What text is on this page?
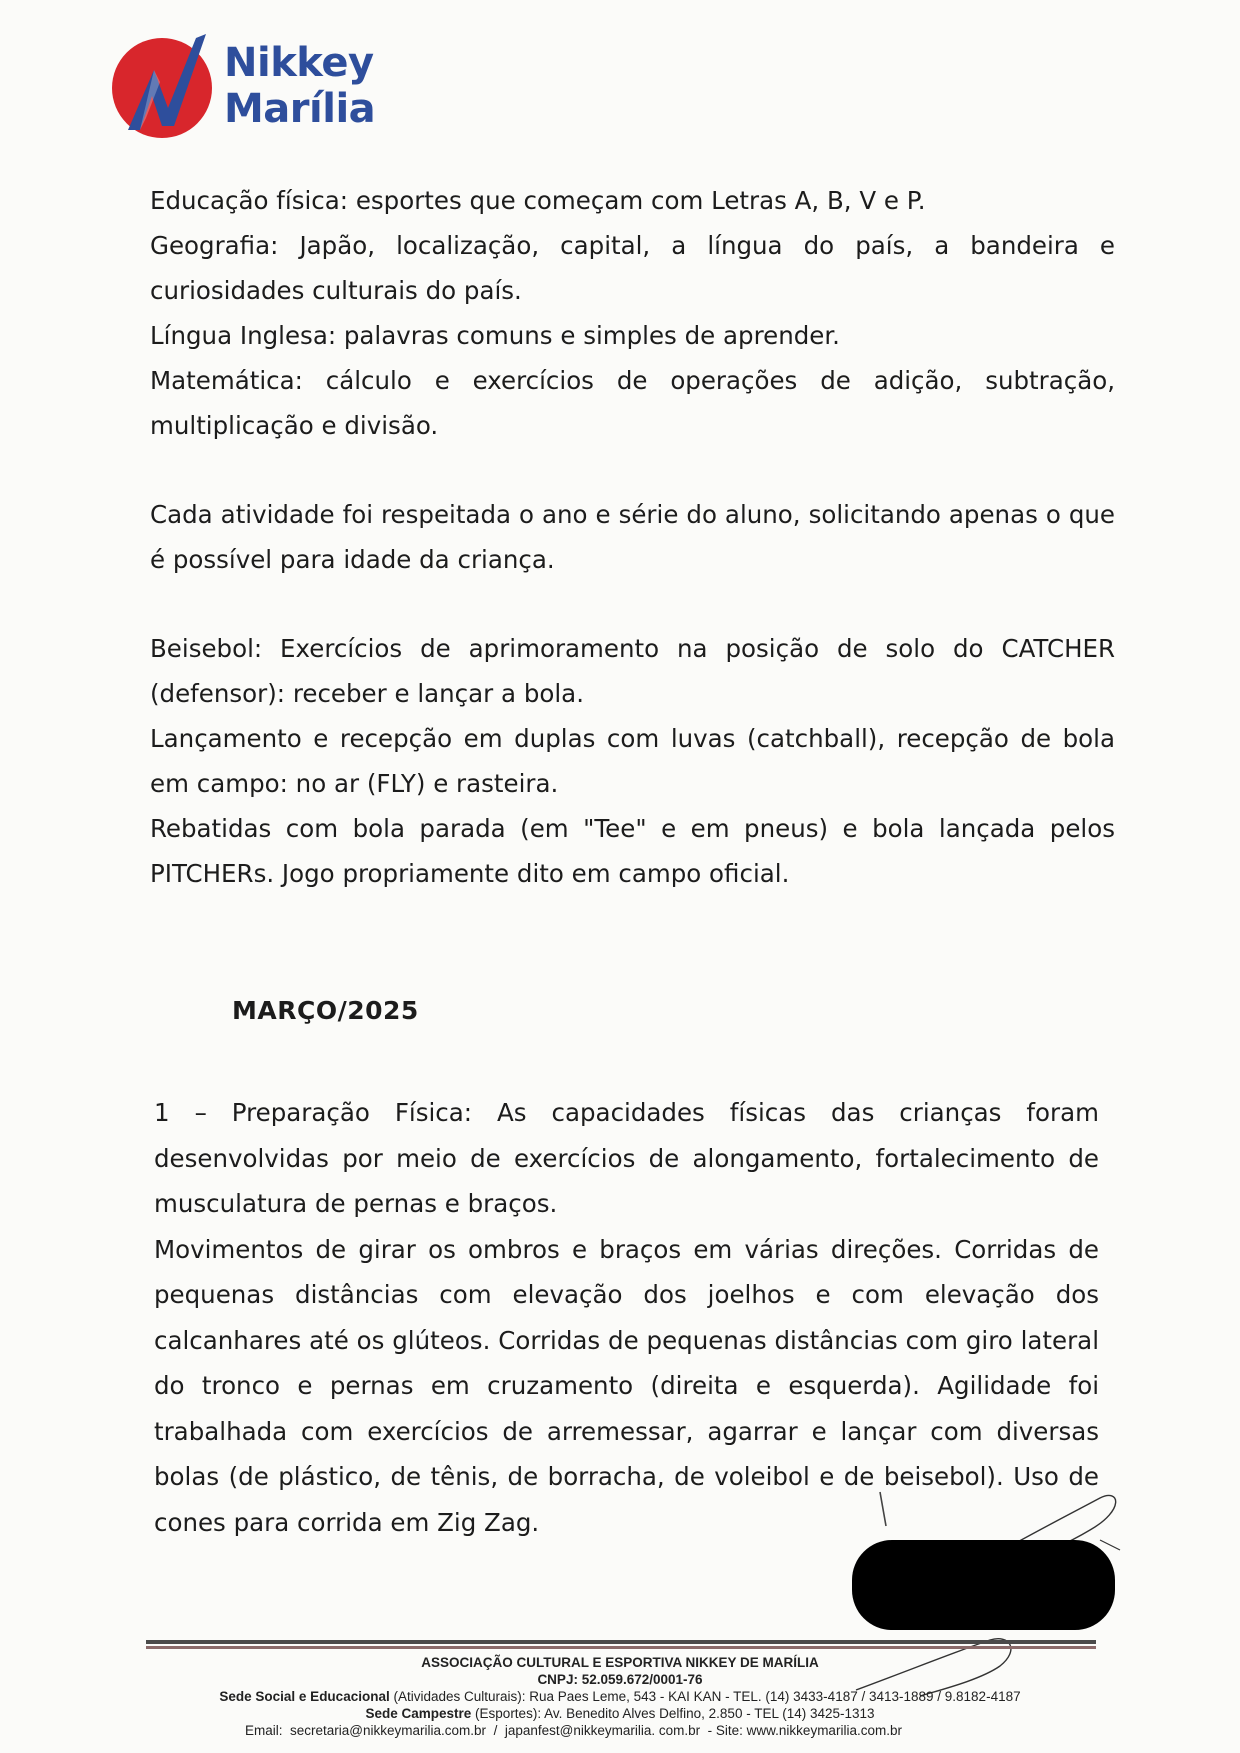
Nikkey
Marília

Educação física: esportes que começam com Letras A, B, V e P.

Geografia: Japão, localização, capital, a língua do país, a bandeira e curiosidades culturais do país.

Língua Inglesa: palavras comuns e simples de aprender.

Matemática: cálculo e exercícios de operações de adição, subtração, multiplicação e divisão.

Cada atividade foi respeitada o ano e série do aluno, solicitando apenas o que é possível para idade da criança.

Beisebol: Exercícios de aprimoramento na posição de solo do CATCHER (defensor): receber e lançar a bola.

Lançamento e recepção em duplas com luvas (catchball), recepção de bola em campo: no ar (FLY) e rasteira.

Rebatidas com bola parada (em "Tee" e em pneus) e bola lançada pelos PITCHERs. Jogo propriamente dito em campo oficial.

MARÇO/2025

1 – Preparação Física: As capacidades físicas das crianças foram desenvolvidas por meio de exercícios de alongamento, fortalecimento de musculatura de pernas e braços.

Movimentos de girar os ombros e braços em várias direções. Corridas de pequenas distâncias com elevação dos joelhos e com elevação dos calcanhares até os glúteos. Corridas de pequenas distâncias com giro lateral do tronco e pernas em cruzamento (direita e esquerda). Agilidade foi trabalhada com exercícios de arremessar, agarrar e lançar com diversas bolas (de plástico, de tênis, de borracha, de voleibol e de beisebol). Uso de cones para corrida em Zig Zag.

ASSOCIAÇÃO CULTURAL E ESPORTIVA NIKKEY DE MARÍLIA
CNPJ: 52.059.672/0001-76
Sede Social e Educacional (Atividades Culturais): Rua Paes Leme, 543 - KAI KAN - TEL. (14) 3433-4187 / 3413-1889 / 9.8182-4187
Sede Campestre (Esportes): Av. Benedito Alves Delfino, 2.850 - TEL (14) 3425-1313
Email: secretaria@nikkeymarilia.com.br / japanfest@nikkeymarilia. com.br - Site: www.nikkeymarilia.com.br
